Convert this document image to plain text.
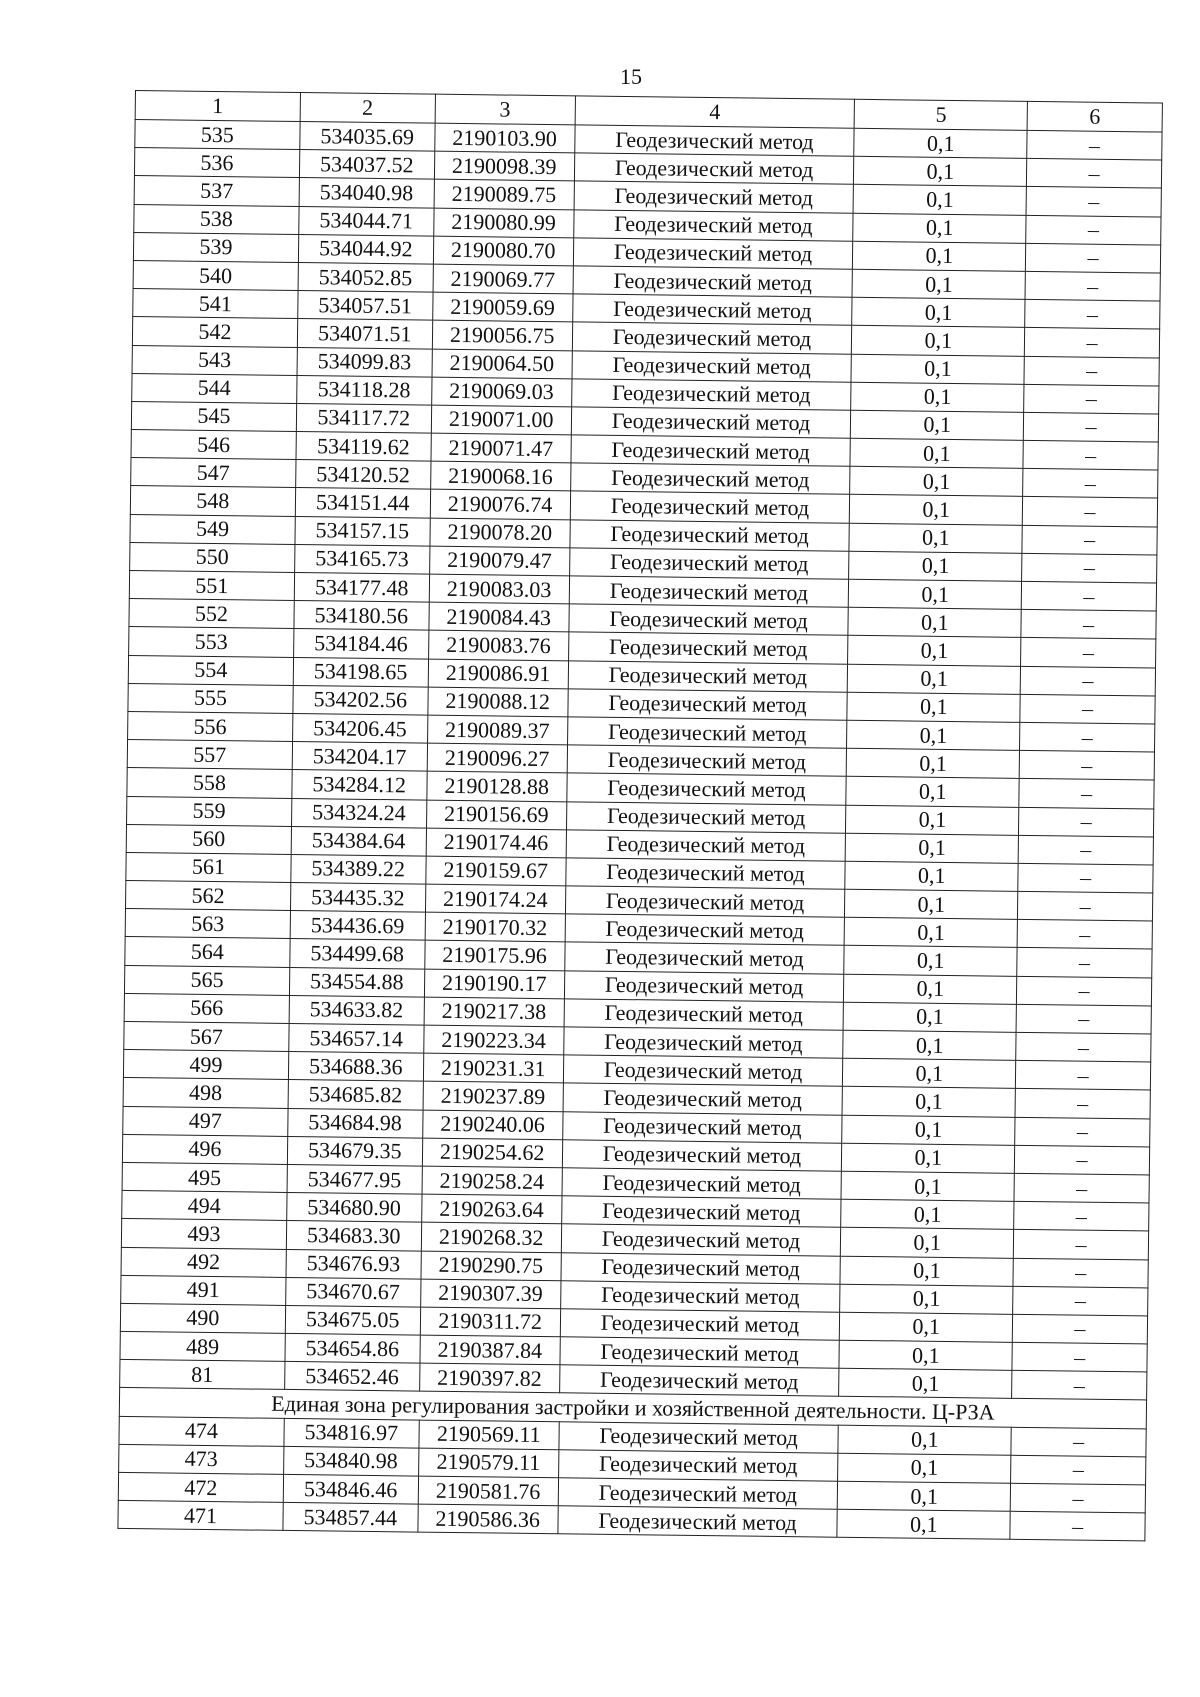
15
1	2	3	4	5	6
535	534035.69	2190103.90	Геодезический метод	0,1	–
536	534037.52	2190098.39	Геодезический метод	0,1	–
537	534040.98	2190089.75	Геодезический метод	0,1	–
538	534044.71	2190080.99	Геодезический метод	0,1	–
539	534044.92	2190080.70	Геодезический метод	0,1	–
540	534052.85	2190069.77	Геодезический метод	0,1	–
541	534057.51	2190059.69	Геодезический метод	0,1	–
542	534071.51	2190056.75	Геодезический метод	0,1	–
543	534099.83	2190064.50	Геодезический метод	0,1	–
544	534118.28	2190069.03	Геодезический метод	0,1	–
545	534117.72	2190071.00	Геодезический метод	0,1	–
546	534119.62	2190071.47	Геодезический метод	0,1	–
547	534120.52	2190068.16	Геодезический метод	0,1	–
548	534151.44	2190076.74	Геодезический метод	0,1	–
549	534157.15	2190078.20	Геодезический метод	0,1	–
550	534165.73	2190079.47	Геодезический метод	0,1	–
551	534177.48	2190083.03	Геодезический метод	0,1	–
552	534180.56	2190084.43	Геодезический метод	0,1	–
553	534184.46	2190083.76	Геодезический метод	0,1	–
554	534198.65	2190086.91	Геодезический метод	0,1	–
555	534202.56	2190088.12	Геодезический метод	0,1	–
556	534206.45	2190089.37	Геодезический метод	0,1	–
557	534204.17	2190096.27	Геодезический метод	0,1	–
558	534284.12	2190128.88	Геодезический метод	0,1	–
559	534324.24	2190156.69	Геодезический метод	0,1	–
560	534384.64	2190174.46	Геодезический метод	0,1	–
561	534389.22	2190159.67	Геодезический метод	0,1	–
562	534435.32	2190174.24	Геодезический метод	0,1	–
563	534436.69	2190170.32	Геодезический метод	0,1	–
564	534499.68	2190175.96	Геодезический метод	0,1	–
565	534554.88	2190190.17	Геодезический метод	0,1	–
566	534633.82	2190217.38	Геодезический метод	0,1	–
567	534657.14	2190223.34	Геодезический метод	0,1	–
499	534688.36	2190231.31	Геодезический метод	0,1	–
498	534685.82	2190237.89	Геодезический метод	0,1	–
497	534684.98	2190240.06	Геодезический метод	0,1	–
496	534679.35	2190254.62	Геодезический метод	0,1	–
495	534677.95	2190258.24	Геодезический метод	0,1	–
494	534680.90	2190263.64	Геодезический метод	0,1	–
493	534683.30	2190268.32	Геодезический метод	0,1	–
492	534676.93	2190290.75	Геодезический метод	0,1	–
491	534670.67	2190307.39	Геодезический метод	0,1	–
490	534675.05	2190311.72	Геодезический метод	0,1	–
489	534654.86	2190387.84	Геодезический метод	0,1	–
81	534652.46	2190397.82	Геодезический метод	0,1	–
Единая зона регулирования застройки и хозяйственной деятельности. Ц-РЗА					
474	534816.97	2190569.11	Геодезический метод	0,1	–
473	534840.98	2190579.11	Геодезический метод	0,1	–
472	534846.46	2190581.76	Геодезический метод	0,1	–
471	534857.44	2190586.36	Геодезический метод	0,1	–
